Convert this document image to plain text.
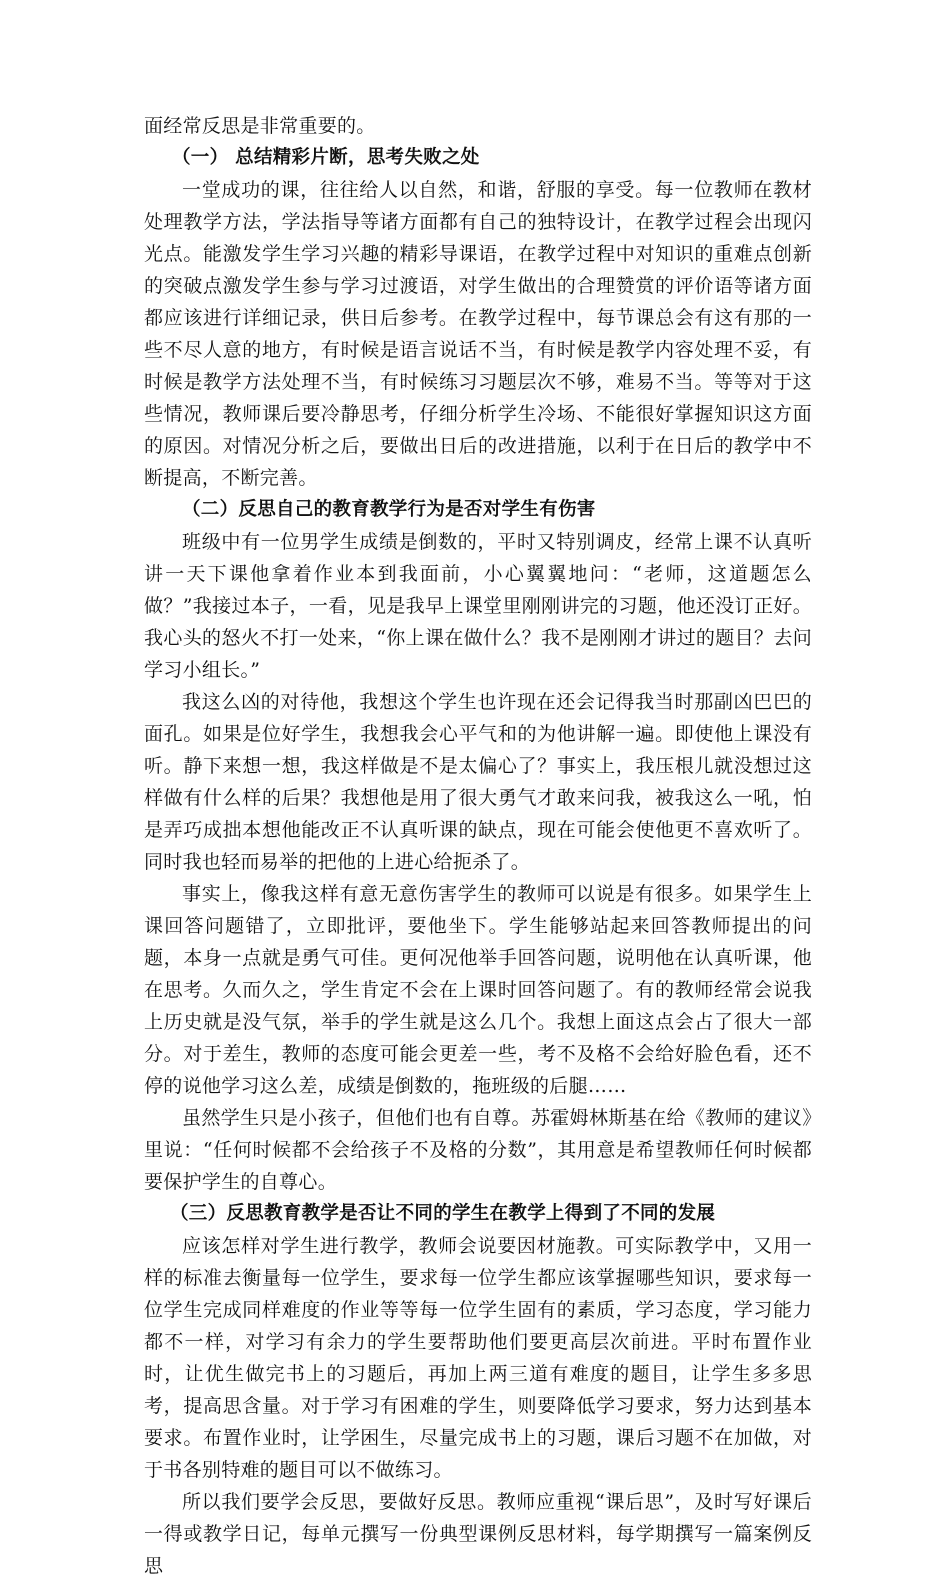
面经常反思是非常重要的。

（一） 总结精彩片断，思考失败之处

一堂成功的课，往往给人以自然，和谐，舒服的享受。每一位教师在教材处理教学方法，学法指导等诸方面都有自己的独特设计，在教学过程会出现闪光点。能激发学生学习兴趣的精彩导课语，在教学过程中对知识的重难点创新的突破点激发学生参与学习过渡语，对学生做出的合理赞赏的评价语等诸方面都应该进行详细记录，供日后参考。在教学过程中，每节课总会有这有那的一些不尽人意的地方，有时候是语言说话不当，有时候是教学内容处理不妥，有时候是教学方法处理不当，有时候练习习题层次不够，难易不当。等等对于这些情况，教师课后要冷静思考，仔细分析学生冷场、不能很好掌握知识这方面的原因。对情况分析之后，要做出日后的改进措施，以利于在日后的教学中不断提高，不断完善。

（二）反思自己的教育教学行为是否对学生有伤害

班级中有一位男学生成绩是倒数的，平时又特别调皮，经常上课不认真听讲一天下课他拿着作业本到我面前，小心翼翼地问：“老师，这道题怎么做？”我接过本子，一看，见是我早上课堂里刚刚讲完的习题，他还没订正好。我心头的怒火不打一处来，“你上课在做什么？我不是刚刚才讲过的题目？去问学习小组长。”

我这么凶的对待他，我想这个学生也许现在还会记得我当时那副凶巴巴的面孔。如果是位好学生，我想我会心平气和的为他讲解一遍。即使他上课没有听。静下来想一想，我这样做是不是太偏心了？事实上，我压根儿就没想过这样做有什么样的后果？我想他是用了很大勇气才敢来问我，被我这么一吼，怕是弄巧成拙本想他能改正不认真听课的缺点，现在可能会使他更不喜欢听了。同时我也轻而易举的把他的上进心给扼杀了。

事实上，像我这样有意无意伤害学生的教师可以说是有很多。如果学生上课回答问题错了，立即批评，要他坐下。学生能够站起来回答教师提出的问题，本身一点就是勇气可佳。更何况他举手回答问题，说明他在认真听课，他在思考。久而久之，学生肯定不会在上课时回答问题了。有的教师经常会说我上历史就是没气氛，举手的学生就是这么几个。我想上面这点会占了很大一部分。对于差生，教师的态度可能会更差一些，考不及格不会给好脸色看，还不停的说他学习这么差，成绩是倒数的，拖班级的后腿……

虽然学生只是小孩子，但他们也有自尊。苏霍姆林斯基在给《教师的建议》里说：“任何时候都不会给孩子不及格的分数”，其用意是希望教师任何时候都要保护学生的自尊心。

（三）反思教育教学是否让不同的学生在教学上得到了不同的发展

应该怎样对学生进行教学，教师会说要因材施教。可实际教学中，又用一样的标准去衡量每一位学生，要求每一位学生都应该掌握哪些知识，要求每一位学生完成同样难度的作业等等每一位学生固有的素质，学习态度，学习能力都不一样，对学习有余力的学生要帮助他们要更高层次前进。平时布置作业时，让优生做完书上的习题后，再加上两三道有难度的题目，让学生多多思考，提高思含量。对于学习有困难的学生，则要降低学习要求，努力达到基本要求。布置作业时，让学困生，尽量完成书上的习题，课后习题不在加做，对于书各别特难的题目可以不做练习。

所以我们要学会反思，要做好反思。教师应重视“课后思”，及时写好课后一得或教学日记，每单元撰写一份典型课例反思材料，每学期撰写一篇案例反思
